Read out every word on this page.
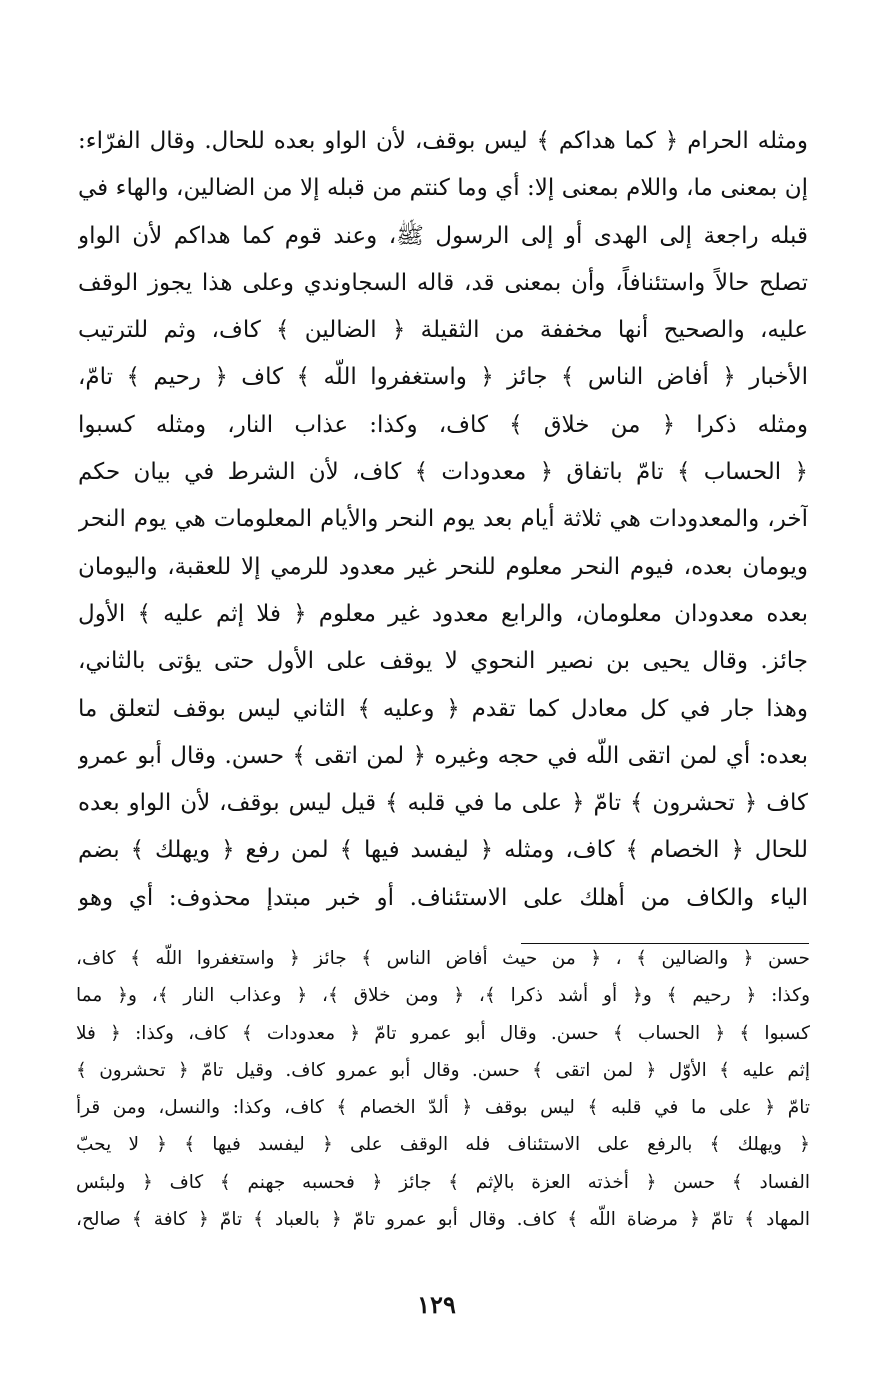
ومثله الحرام ﴿ كما هداكم ﴾ ليس بوقف، لأن الواو بعده للحال. وقال الفرّاء:
إن بمعنى ما، واللام بمعنى إلا: أي وما كنتم من قبله إلا من الضالين، والهاء في
قبله راجعة إلى الهدى أو إلى الرسول ﷺ، وعند قوم كما هداكم لأن الواو
تصلح حالاً واستئنافاً، وأن بمعنى قد، قاله السجاوندي وعلى هذا يجوز الوقف
عليه، والصحيح أنها مخففة من الثقيلة ﴿ الضالين ﴾ كاف، وثم للترتيب
الأخبار ﴿ أفاض الناس ﴾ جائز ﴿ واستغفروا اللّه ﴾ كاف ﴿ رحيم ﴾ تامّ،
ومثله ذكرا ﴿ من خلاق ﴾ كاف، وكذا: عذاب النار، ومثله كسبوا
﴿ الحساب ﴾ تامّ باتفاق ﴿ معدودات ﴾ كاف، لأن الشرط في بيان حكم
آخر، والمعدودات هي ثلاثة أيام بعد يوم النحر والأيام المعلومات هي يوم النحر
ويومان بعده، فيوم النحر معلوم للنحر غير معدود للرمي إلا للعقبة، واليومان
بعده معدودان معلومان، والرابع معدود غير معلوم ﴿ فلا إثم عليه ﴾ الأول
جائز. وقال يحيى بن نصير النحوي لا يوقف على الأول حتى يؤتى بالثاني،
وهذا جار في كل معادل كما تقدم ﴿ وعليه ﴾ الثاني ليس بوقف لتعلق ما
بعده: أي لمن اتقى اللّه في حجه وغيره ﴿ لمن اتقى ﴾ حسن. وقال أبو عمرو
كاف ﴿ تحشرون ﴾ تامّ ﴿ على ما في قلبه ﴾ قيل ليس بوقف، لأن الواو بعده
للحال ﴿ الخصام ﴾ كاف، ومثله ﴿ ليفسد فيها ﴾ لمن رفع ﴿ ويهلك ﴾ بضم
الياء والكاف من أهلك على الاستئناف. أو خبر مبتدإ محذوف: أي وهو
حسن ﴿ والضالين ﴾ ، ﴿ من حيث أفاض الناس ﴾ جائز ﴿ واستغفروا اللّه ﴾ كاف،
وكذا: ﴿ رحيم ﴾ و﴿ أو أشد ذكرا ﴾، ﴿ ومن خلاق ﴾، ﴿ وعذاب النار ﴾، و﴿ مما
كسبوا ﴾ ﴿ الحساب ﴾ حسن. وقال أبو عمرو تامّ ﴿ معدودات ﴾ كاف، وكذا: ﴿ فلا
إثم عليه ﴾ الأوّل ﴿ لمن اتقى ﴾ حسن. وقال أبو عمرو كاف. وقيل تامّ ﴿ تحشرون ﴾
تامّ ﴿ على ما في قلبه ﴾ ليس بوقف ﴿ ألدّ الخصام ﴾ كاف، وكذا: والنسل، ومن قرأ
﴿ ويهلك ﴾ بالرفع على الاستئناف فله الوقف على ﴿ ليفسد فيها ﴾ ﴿ لا يحبّ
الفساد ﴾ حسن ﴿ أخذته العزة بالإثم ﴾ جائز ﴿ فحسبه جهنم ﴾ كاف ﴿ ولبئس
المهاد ﴾ تامّ ﴿ مرضاة اللّه ﴾ كاف. وقال أبو عمرو تامّ ﴿ بالعباد ﴾ تامّ ﴿ كافة ﴾ صالح،
١٢٩
